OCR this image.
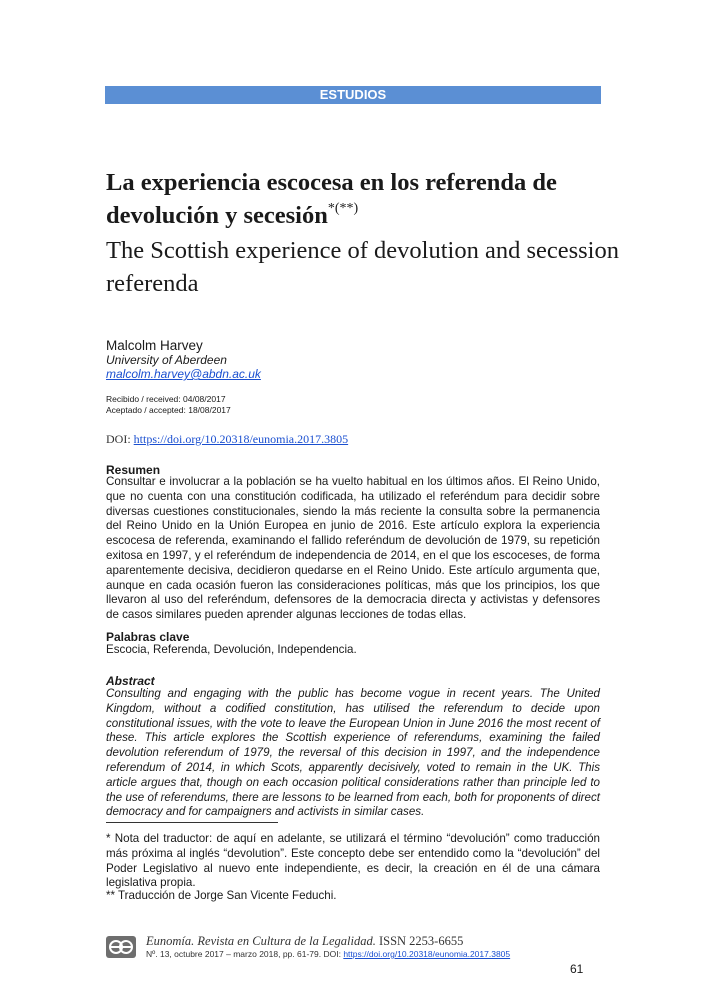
ESTUDIOS
La experiencia escocesa en los referenda de devolución y secesión*(**)
The Scottish experience of devolution and secession referenda
Malcolm Harvey
University of Aberdeen
malcolm.harvey@abdn.ac.uk
Recibido / received: 04/08/2017
Aceptado / accepted: 18/08/2017
DOI: https://doi.org/10.20318/eunomia.2017.3805
Resumen
Consultar e involucrar a la población se ha vuelto habitual en los últimos años. El Reino Unido, que no cuenta con una constitución codificada, ha utilizado el referéndum para decidir sobre diversas cuestiones constitucionales, siendo la más reciente la consulta sobre la permanencia del Reino Unido en la Unión Europea en junio de 2016. Este artículo explora la experiencia escocesa de referenda, examinando el fallido referéndum de devolución de 1979, su repetición exitosa en 1997, y el referéndum de independencia de 2014, en el que los escoceses, de forma aparentemente decisiva, decidieron quedarse en el Reino Unido. Este artículo argumenta que, aunque en cada ocasión fueron las consideraciones políticas, más que los principios, los que llevaron al uso del referéndum, defensores de la democracia directa y activistas y defensores de casos similares pueden aprender algunas lecciones de todas ellas.
Palabras clave
Escocia, Referenda, Devolución, Independencia.
Abstract
Consulting and engaging with the public has become vogue in recent years. The United Kingdom, without a codified constitution, has utilised the referendum to decide upon constitutional issues, with the vote to leave the European Union in June 2016 the most recent of these. This article explores the Scottish experience of referendums, examining the failed devolution referendum of 1979, the reversal of this decision in 1997, and the independence referendum of 2014, in which Scots, apparently decisively, voted to remain in the UK. This article argues that, though on each occasion political considerations rather than principle led to the use of referendums, there are lessons to be learned from each, both for proponents of direct democracy and for campaigners and activists in similar cases.
* Nota del traductor: de aquí en adelante, se utilizará el término “devolución” como traducción más próxima al inglés “devolution”. Este concepto debe ser entendido como la “devolución” del Poder Legislativo al nuevo ente independiente, es decir, la creación en él de una cámara legislativa propia.
** Traducción de Jorge San Vicente Feduchi.
Eunomía. Revista en Cultura de la Legalidad. ISSN 2253-6655
Nº. 13, octubre 2017 – marzo 2018, pp. 61-79. DOI: https://doi.org/10.20318/eunomia.2017.3805
61
